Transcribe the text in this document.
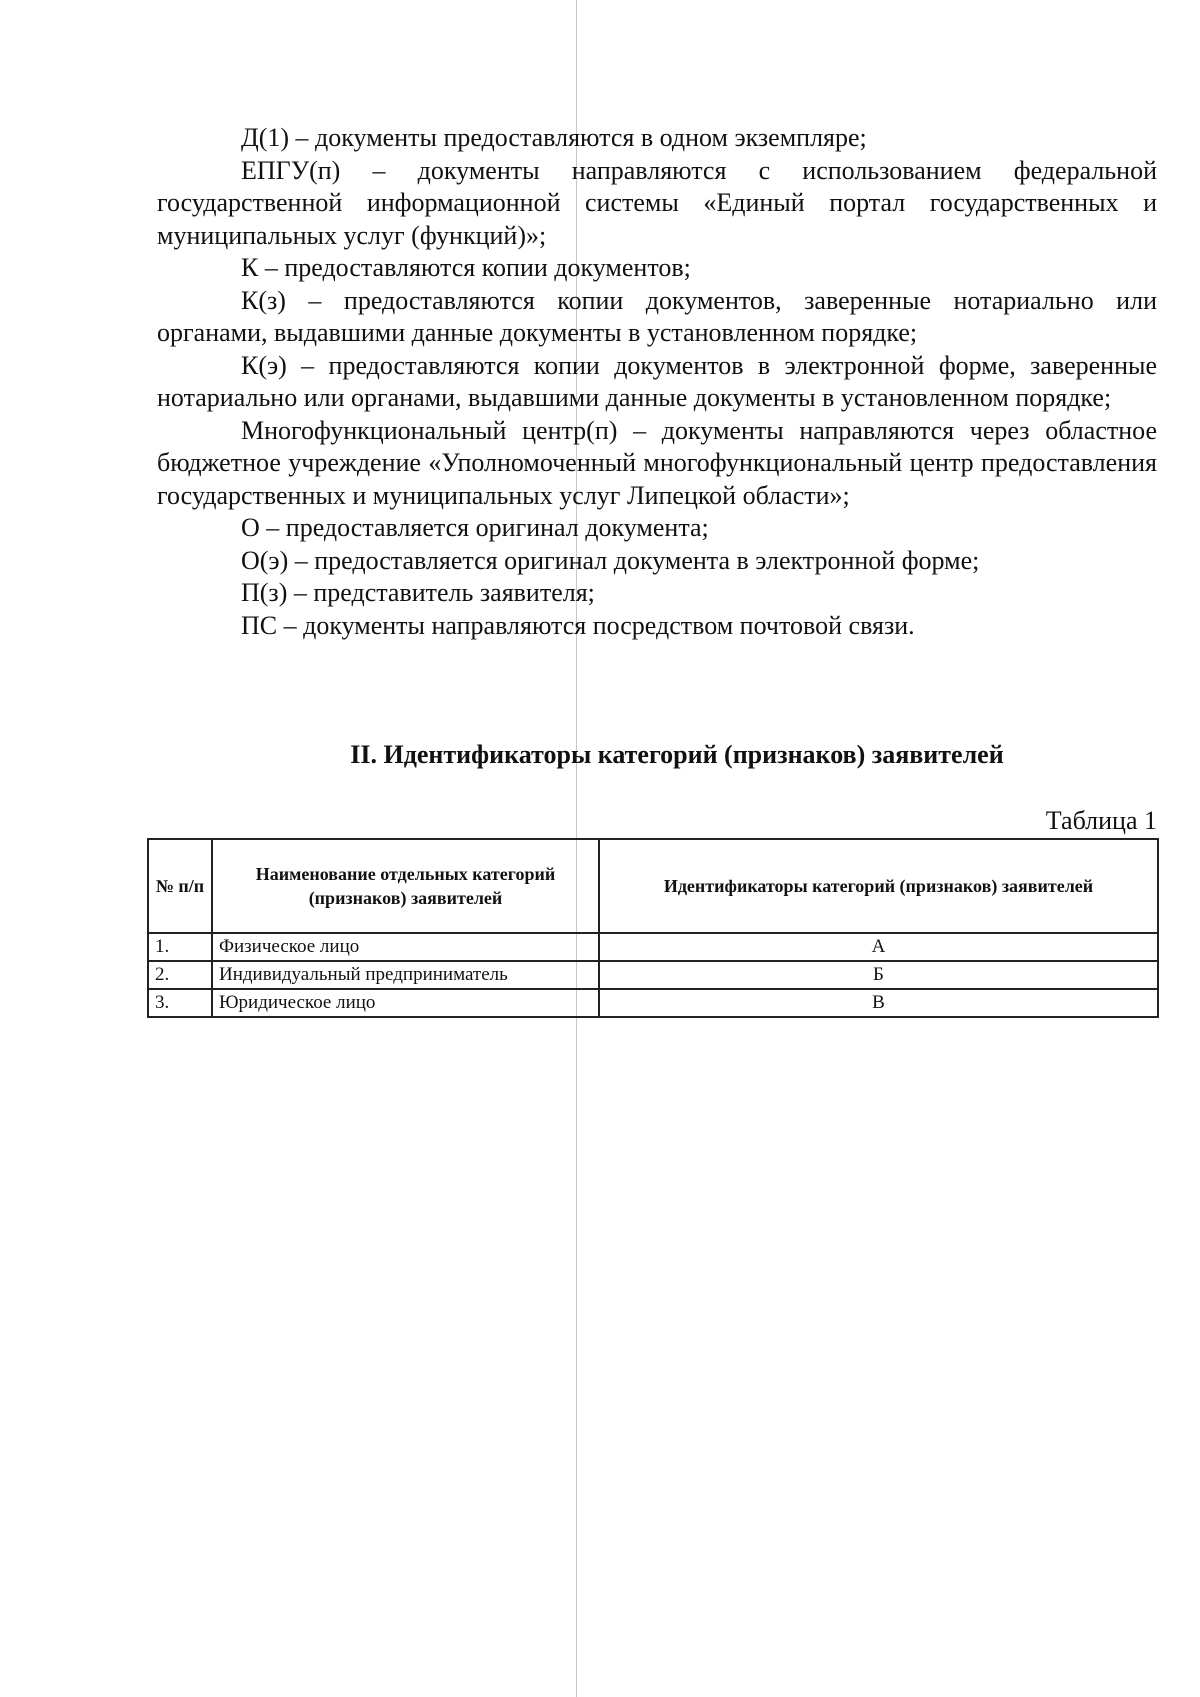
Д(1) – документы предоставляются в одном экземпляре;

ЕПГУ(п) – документы направляются с использованием федеральной государственной информационной системы «Единый портал государственных и муниципальных услуг (функций)»;

К – предоставляются копии документов;

К(з) – предоставляются копии документов, заверенные нотариально или органами, выдавшими данные документы в установленном порядке;

К(э) – предоставляются копии документов в электронной форме, заверенные нотариально или органами, выдавшими данные документы в установленном порядке;

Многофункциональный центр(п) – документы направляются через областное бюджетное учреждение «Уполномоченный многофункциональный центр предоставления государственных и муниципальных услуг Липецкой области»;

О – предоставляется оригинал документа;

О(э) – предоставляется оригинал документа в электронной форме;

П(з) – представитель заявителя;

ПС – документы направляются посредством почтовой связи.

II. Идентификаторы категорий (признаков) заявителей
Таблица 1
№ п/п	Наименование отдельных категорий (признаков) заявителей	Идентификаторы категорий (признаков) заявителей
1.	Физическое лицо	А
2.	Индивидуальный предприниматель	Б
3.	Юридическое лицо	В
